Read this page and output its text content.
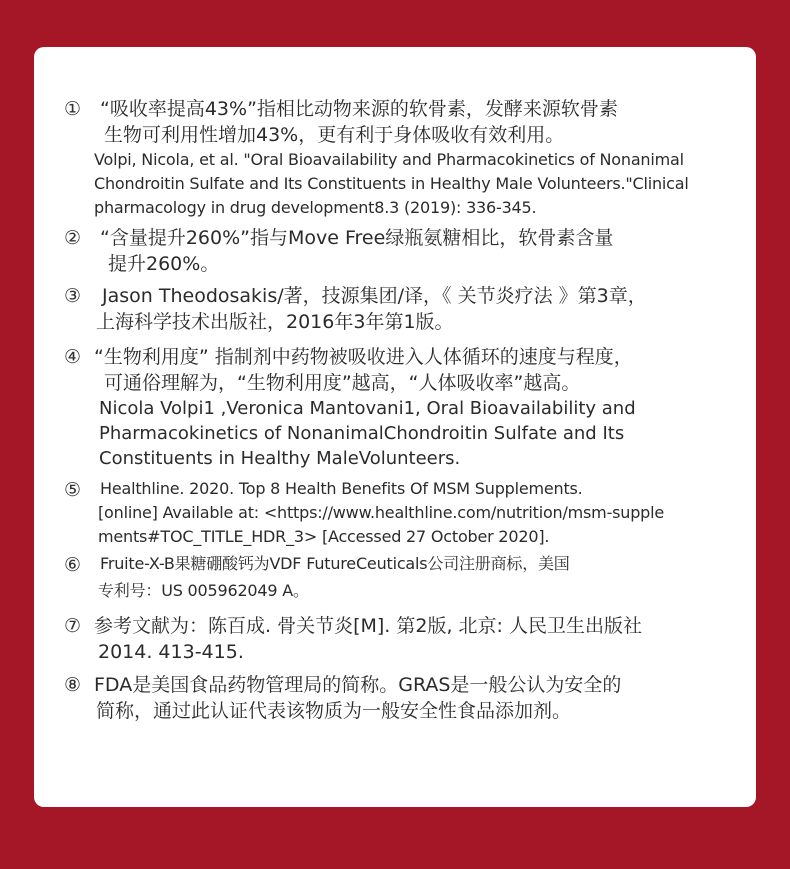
① “吸收率提高43%”指相比动物来源的软骨素，发酵来源软骨素
生物可利用性增加43%，更有利于身体吸收有效利用。
Volpi, Nicola, et al. "Oral Bioavailability and Pharmacokinetics of Nonanimal
Chondroitin Sulfate and Its Constituents in Healthy Male Volunteers."Clinical
pharmacology in drug development8.3 (2019): 336-345.
② “含量提升260%”指与Move Free绿瓶氨糖相比，软骨素含量
提升260%。
③ Jason Theodosakis/著，技源集团/译，《 关节炎疗法 》第3章，
上海科学技术出版社，2016年3年第1版。
④ “生物利用度” 指制剂中药物被吸收进入人体循环的速度与程度，
可通俗理解为，“生物利用度”越高，“人体吸收率”越高。
Nicola Volpi1 ,Veronica Mantovani1, Oral Bioavailability and
Pharmacokinetics of NonanimalChondroitin Sulfate and Its
Constituents in Healthy MaleVolunteers.
⑤ Healthline. 2020. Top 8 Health Benefits Of MSM Supplements.
[online] Available at: <https://www.healthline.com/nutrition/msm-supple
ments#TOC_TITLE_HDR_3> [Accessed 27 October 2020].
⑥ Fruite-X-B果糖硼酸钙为VDF FutureCeuticals公司注册商标，美国
专利号：US 005962049 A。
⑦ 参考文献为：陈百成. 骨关节炎[M]. 第2版, 北京: 人民卫生出版社
2014. 413-415.
⑧ FDA是美国食品药物管理局的简称。GRAS是一般公认为安全的
简称，通过此认证代表该物质为一般安全性食品添加剂。
